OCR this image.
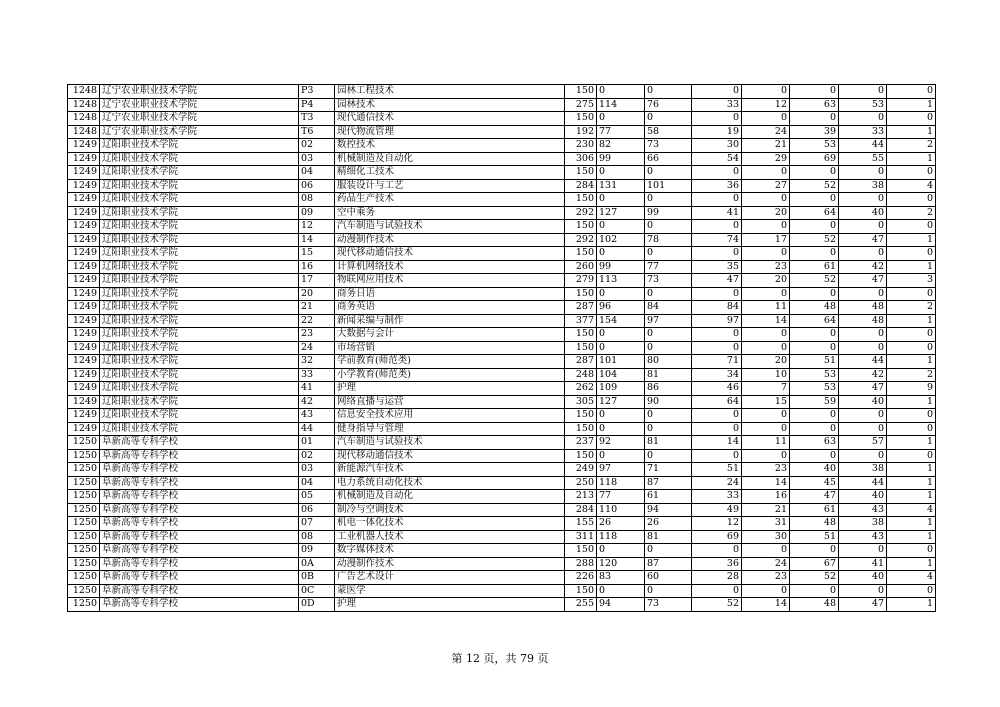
1248	辽宁农业职业技术学院	P3	园林工程技术	150	0	0	0	0	0	0	0
1248	辽宁农业职业技术学院	P4	园林技术	275	114	76	33	12	63	53	1
1248	辽宁农业职业技术学院	T3	现代通信技术	150	0	0	0	0	0	0	0
1248	辽宁农业职业技术学院	T6	现代物流管理	192	77	58	19	24	39	33	1
1249	辽阳职业技术学院	02	数控技术	230	82	73	30	21	53	44	2
1249	辽阳职业技术学院	03	机械制造及自动化	306	99	66	54	29	69	55	1
1249	辽阳职业技术学院	04	精细化工技术	150	0	0	0	0	0	0	0
1249	辽阳职业技术学院	06	服装设计与工艺	284	131	101	36	27	52	38	4
1249	辽阳职业技术学院	08	药品生产技术	150	0	0	0	0	0	0	0
1249	辽阳职业技术学院	09	空中乘务	292	127	99	41	20	64	40	2
1249	辽阳职业技术学院	12	汽车制造与试验技术	150	0	0	0	0	0	0	0
1249	辽阳职业技术学院	14	动漫制作技术	292	102	78	74	17	52	47	1
1249	辽阳职业技术学院	15	现代移动通信技术	150	0	0	0	0	0	0	0
1249	辽阳职业技术学院	16	计算机网络技术	260	99	77	35	23	61	42	1
1249	辽阳职业技术学院	17	物联网应用技术	279	113	73	47	20	52	47	3
1249	辽阳职业技术学院	20	商务日语	150	0	0	0	0	0	0	0
1249	辽阳职业技术学院	21	商务英语	287	96	84	84	11	48	48	2
1249	辽阳职业技术学院	22	新闻采编与制作	377	154	97	97	14	64	48	1
1249	辽阳职业技术学院	23	大数据与会计	150	0	0	0	0	0	0	0
1249	辽阳职业技术学院	24	市场营销	150	0	0	0	0	0	0	0
1249	辽阳职业技术学院	32	学前教育(师范类)	287	101	80	71	20	51	44	1
1249	辽阳职业技术学院	33	小学教育(师范类)	248	104	81	34	10	53	42	2
1249	辽阳职业技术学院	41	护理	262	109	86	46	7	53	47	9
1249	辽阳职业技术学院	42	网络直播与运营	305	127	90	64	15	59	40	1
1249	辽阳职业技术学院	43	信息安全技术应用	150	0	0	0	0	0	0	0
1249	辽阳职业技术学院	44	健身指导与管理	150	0	0	0	0	0	0	0
1250	阜新高等专科学校	01	汽车制造与试验技术	237	92	81	14	11	63	57	1
1250	阜新高等专科学校	02	现代移动通信技术	150	0	0	0	0	0	0	0
1250	阜新高等专科学校	03	新能源汽车技术	249	97	71	51	23	40	38	1
1250	阜新高等专科学校	04	电力系统自动化技术	250	118	87	24	14	45	44	1
1250	阜新高等专科学校	05	机械制造及自动化	213	77	61	33	16	47	40	1
1250	阜新高等专科学校	06	制冷与空调技术	284	110	94	49	21	61	43	4
1250	阜新高等专科学校	07	机电一体化技术	155	26	26	12	31	48	38	1
1250	阜新高等专科学校	08	工业机器人技术	311	118	81	69	30	51	43	1
1250	阜新高等专科学校	09	数字媒体技术	150	0	0	0	0	0	0	0
1250	阜新高等专科学校	0A	动漫制作技术	288	120	87	36	24	67	41	1
1250	阜新高等专科学校	0B	广告艺术设计	226	83	60	28	23	52	40	4
1250	阜新高等专科学校	0C	蒙医学	150	0	0	0	0	0	0	0
1250	阜新高等专科学校	0D	护理	255	94	73	52	14	48	47	1
第 12 页，共 79 页
